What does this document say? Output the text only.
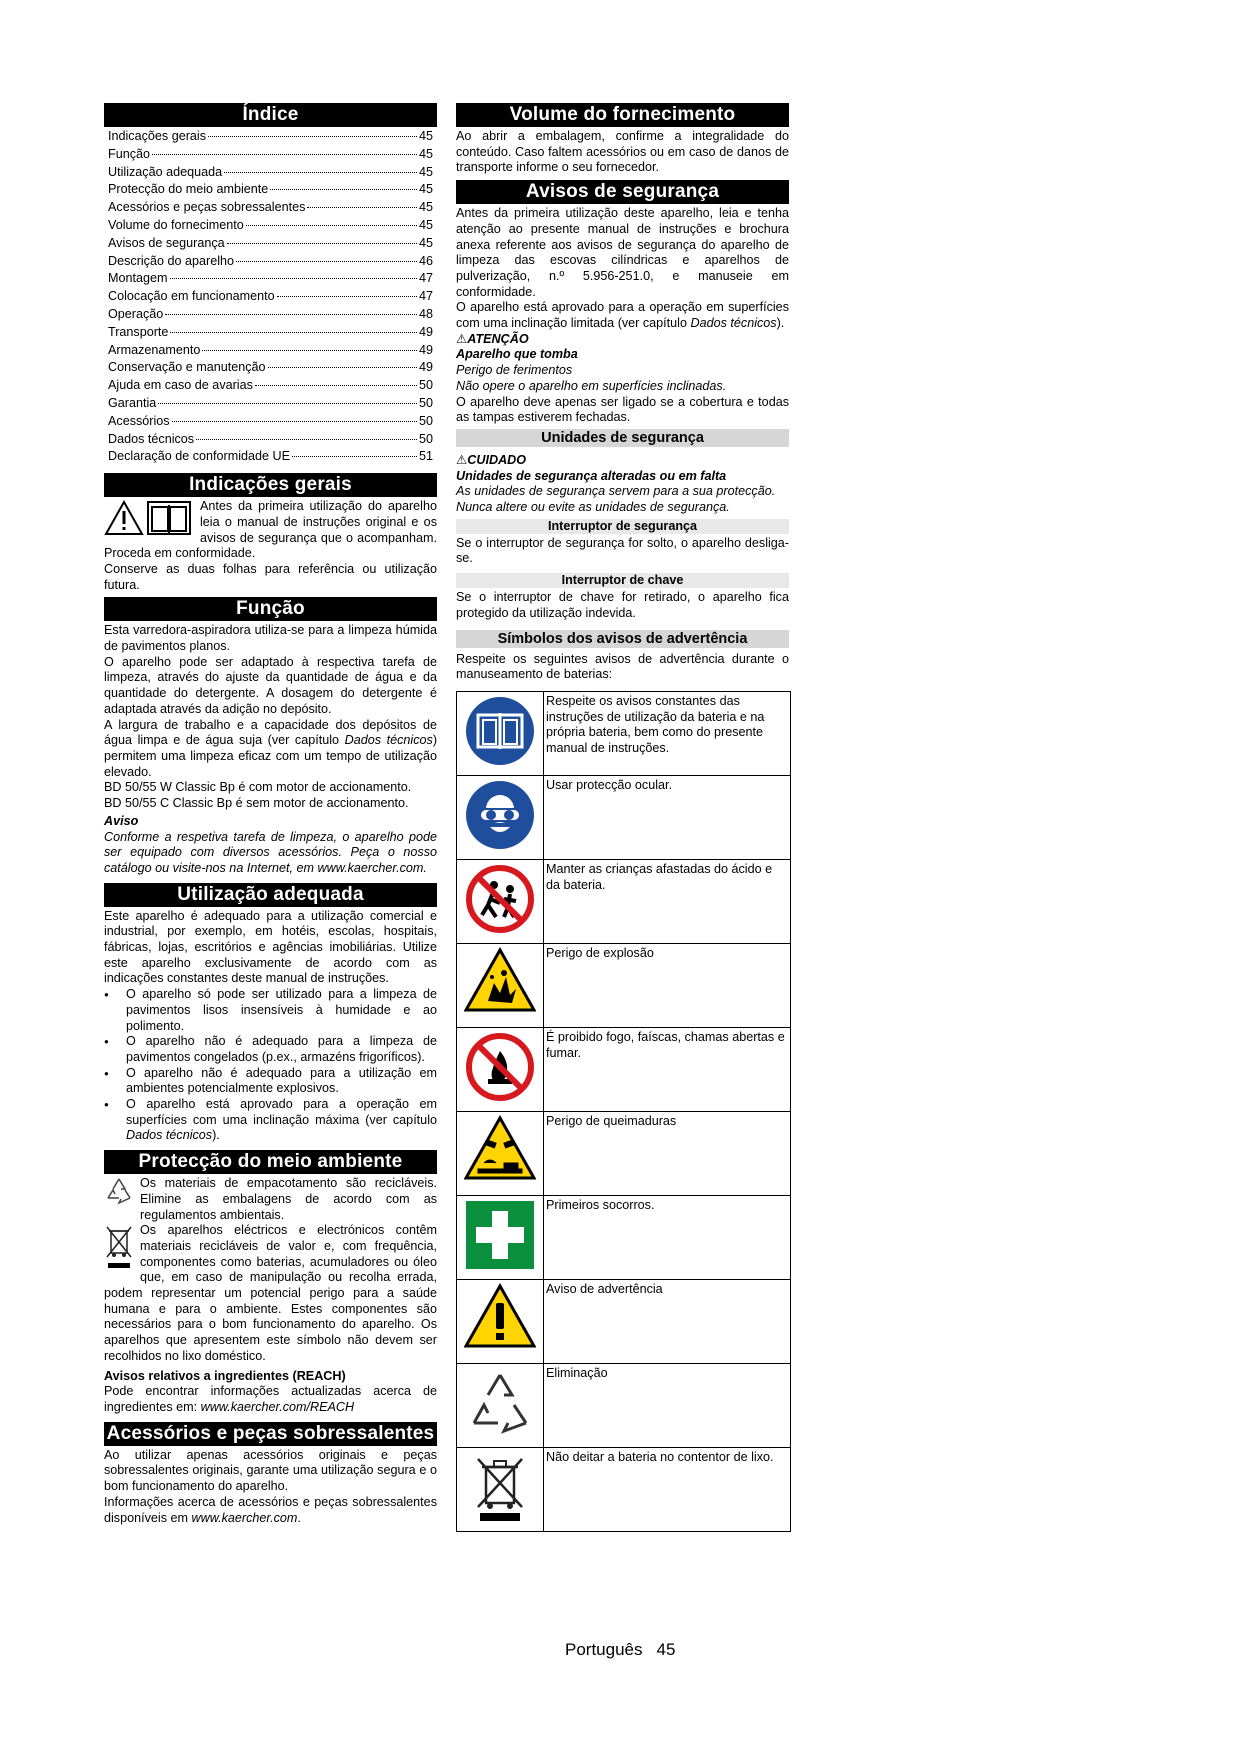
Índice
Indicações gerais	45
Função	45
Utilização adequada	45
Protecção do meio ambiente	45
Acessórios e peças sobressalentes	45
Volume do fornecimento	45
Avisos de segurança	45
Descrição do aparelho	46
Montagem	47
Colocação em funcionamento	47
Operação	48
Transporte	49
Armazenamento	49
Conservação e manutenção	49
Ajuda em caso de avarias	50
Garantia	50
Acessórios	50
Dados técnicos	50
Declaração de conformidade UE	51
Indicações gerais

Antes da primeira utilização do aparelho leia o manual de instruções original e os avisos de segurança que o acompanham. Proceda em conformidade.

Conserve as duas folhas para referência ou utilização futura.

Função

Esta varredora-aspiradora utiliza-se para a limpeza húmida de pavimentos planos.

O aparelho pode ser adaptado à respectiva tarefa de limpeza, através do ajuste da quantidade de água e da quantidade do detergente. A dosagem do detergente é adaptada através da adição no depósito.

A largura de trabalho e a capacidade dos depósitos de água limpa e de água suja (ver capítulo Dados técnicos) permitem uma limpeza eficaz com um tempo de utilização elevado.

BD 50/55 W Classic Bp é com motor de accionamento.

BD 50/55 C Classic Bp é sem motor de accionamento.

Aviso

Conforme a respetiva tarefa de limpeza, o aparelho pode ser equipado com diversos acessórios. Peça o nosso catálogo ou visite-nos na Internet, em www.kaercher.com.

Utilização adequada

Este aparelho é adequado para a utilização comercial e industrial, por exemplo, em hotéis, escolas, hospitais, fábricas, lojas, escritórios e agências imobiliárias. Utilize este aparelho exclusivamente de acordo com as indicações constantes deste manual de instruções.

● O aparelho só pode ser utilizado para a limpeza de pavimentos lisos insensíveis à humidade e ao polimento.
● O aparelho não é adequado para a limpeza de pavimentos congelados (p.ex., armazéns frigoríficos).
● O aparelho não é adequado para a utilização em ambientes potencialmente explosivos.
● O aparelho está aprovado para a operação em superfícies com uma inclinação máxima (ver capítulo Dados técnicos).
Protecção do meio ambiente

Os materiais de empacotamento são recicláveis. Elimine as embalagens de acordo com as regulamentos ambientais.

Os aparelhos eléctricos e electrónicos contêm materiais recicláveis de valor e, com frequência, componentes como baterias, acumuladores ou óleo que, em caso de manipulação ou recolha errada, podem representar um potencial perigo para a saúde humana e para o ambiente. Estes componentes são necessários para o bom funcionamento do aparelho. Os aparelhos que apresentem este símbolo não devem ser recolhidos no lixo doméstico.

Avisos relativos a ingredientes (REACH)

Pode encontrar informações actualizadas acerca de ingredientes em: www.kaercher.com/REACH

Acessórios e peças sobressalentes

Ao utilizar apenas acessórios originais e peças sobressalentes originais, garante uma utilização segura e o bom funcionamento do aparelho.

Informações acerca de acessórios e peças sobressalentes disponíveis em www.kaercher.com.

Volume do fornecimento

Ao abrir a embalagem, confirme a integralidade do conteúdo. Caso faltem acessórios ou em caso de danos de transporte informe o seu fornecedor.

Avisos de segurança

Antes da primeira utilização deste aparelho, leia e tenha atenção ao presente manual de instruções e brochura anexa referente aos avisos de segurança do aparelho de limpeza das escovas cilíndricas e aparelhos de pulverização, n.º 5.956-251.0, e manuseie em conformidade.

O aparelho está aprovado para a operação em superfícies com uma inclinação limitada (ver capítulo Dados técnicos).

⚠ATENÇÃO

Aparelho que tomba

Perigo de ferimentos

Não opere o aparelho em superfícies inclinadas.

O aparelho deve apenas ser ligado se a cobertura e todas as tampas estiverem fechadas.

Unidades de segurança

⚠CUIDADO

Unidades de segurança alteradas ou em falta

As unidades de segurança servem para a sua protecção.

Nunca altere ou evite as unidades de segurança.

Interruptor de segurança

Se o interruptor de segurança for solto, o aparelho desliga-se.

Interruptor de chave

Se o interruptor de chave for retirado, o aparelho fica protegido da utilização indevida.

Símbolos dos avisos de advertência

Respeite os seguintes avisos de advertência durante o manuseamento de baterias:

	Respeite os avisos constantes das instruções de utilização da bateria e na própria bateria, bem como do presente manual de instruções.
	Usar protecção ocular.
	Manter as crianças afastadas do ácido e da bateria.
	Perigo de explosão
	É proibido fogo, faíscas, chamas abertas e fumar.
	Perigo de queimaduras
	Primeiros socorros.
	Aviso de advertência
	Eliminação
	Não deitar a bateria no contentor de lixo.
Português 45
